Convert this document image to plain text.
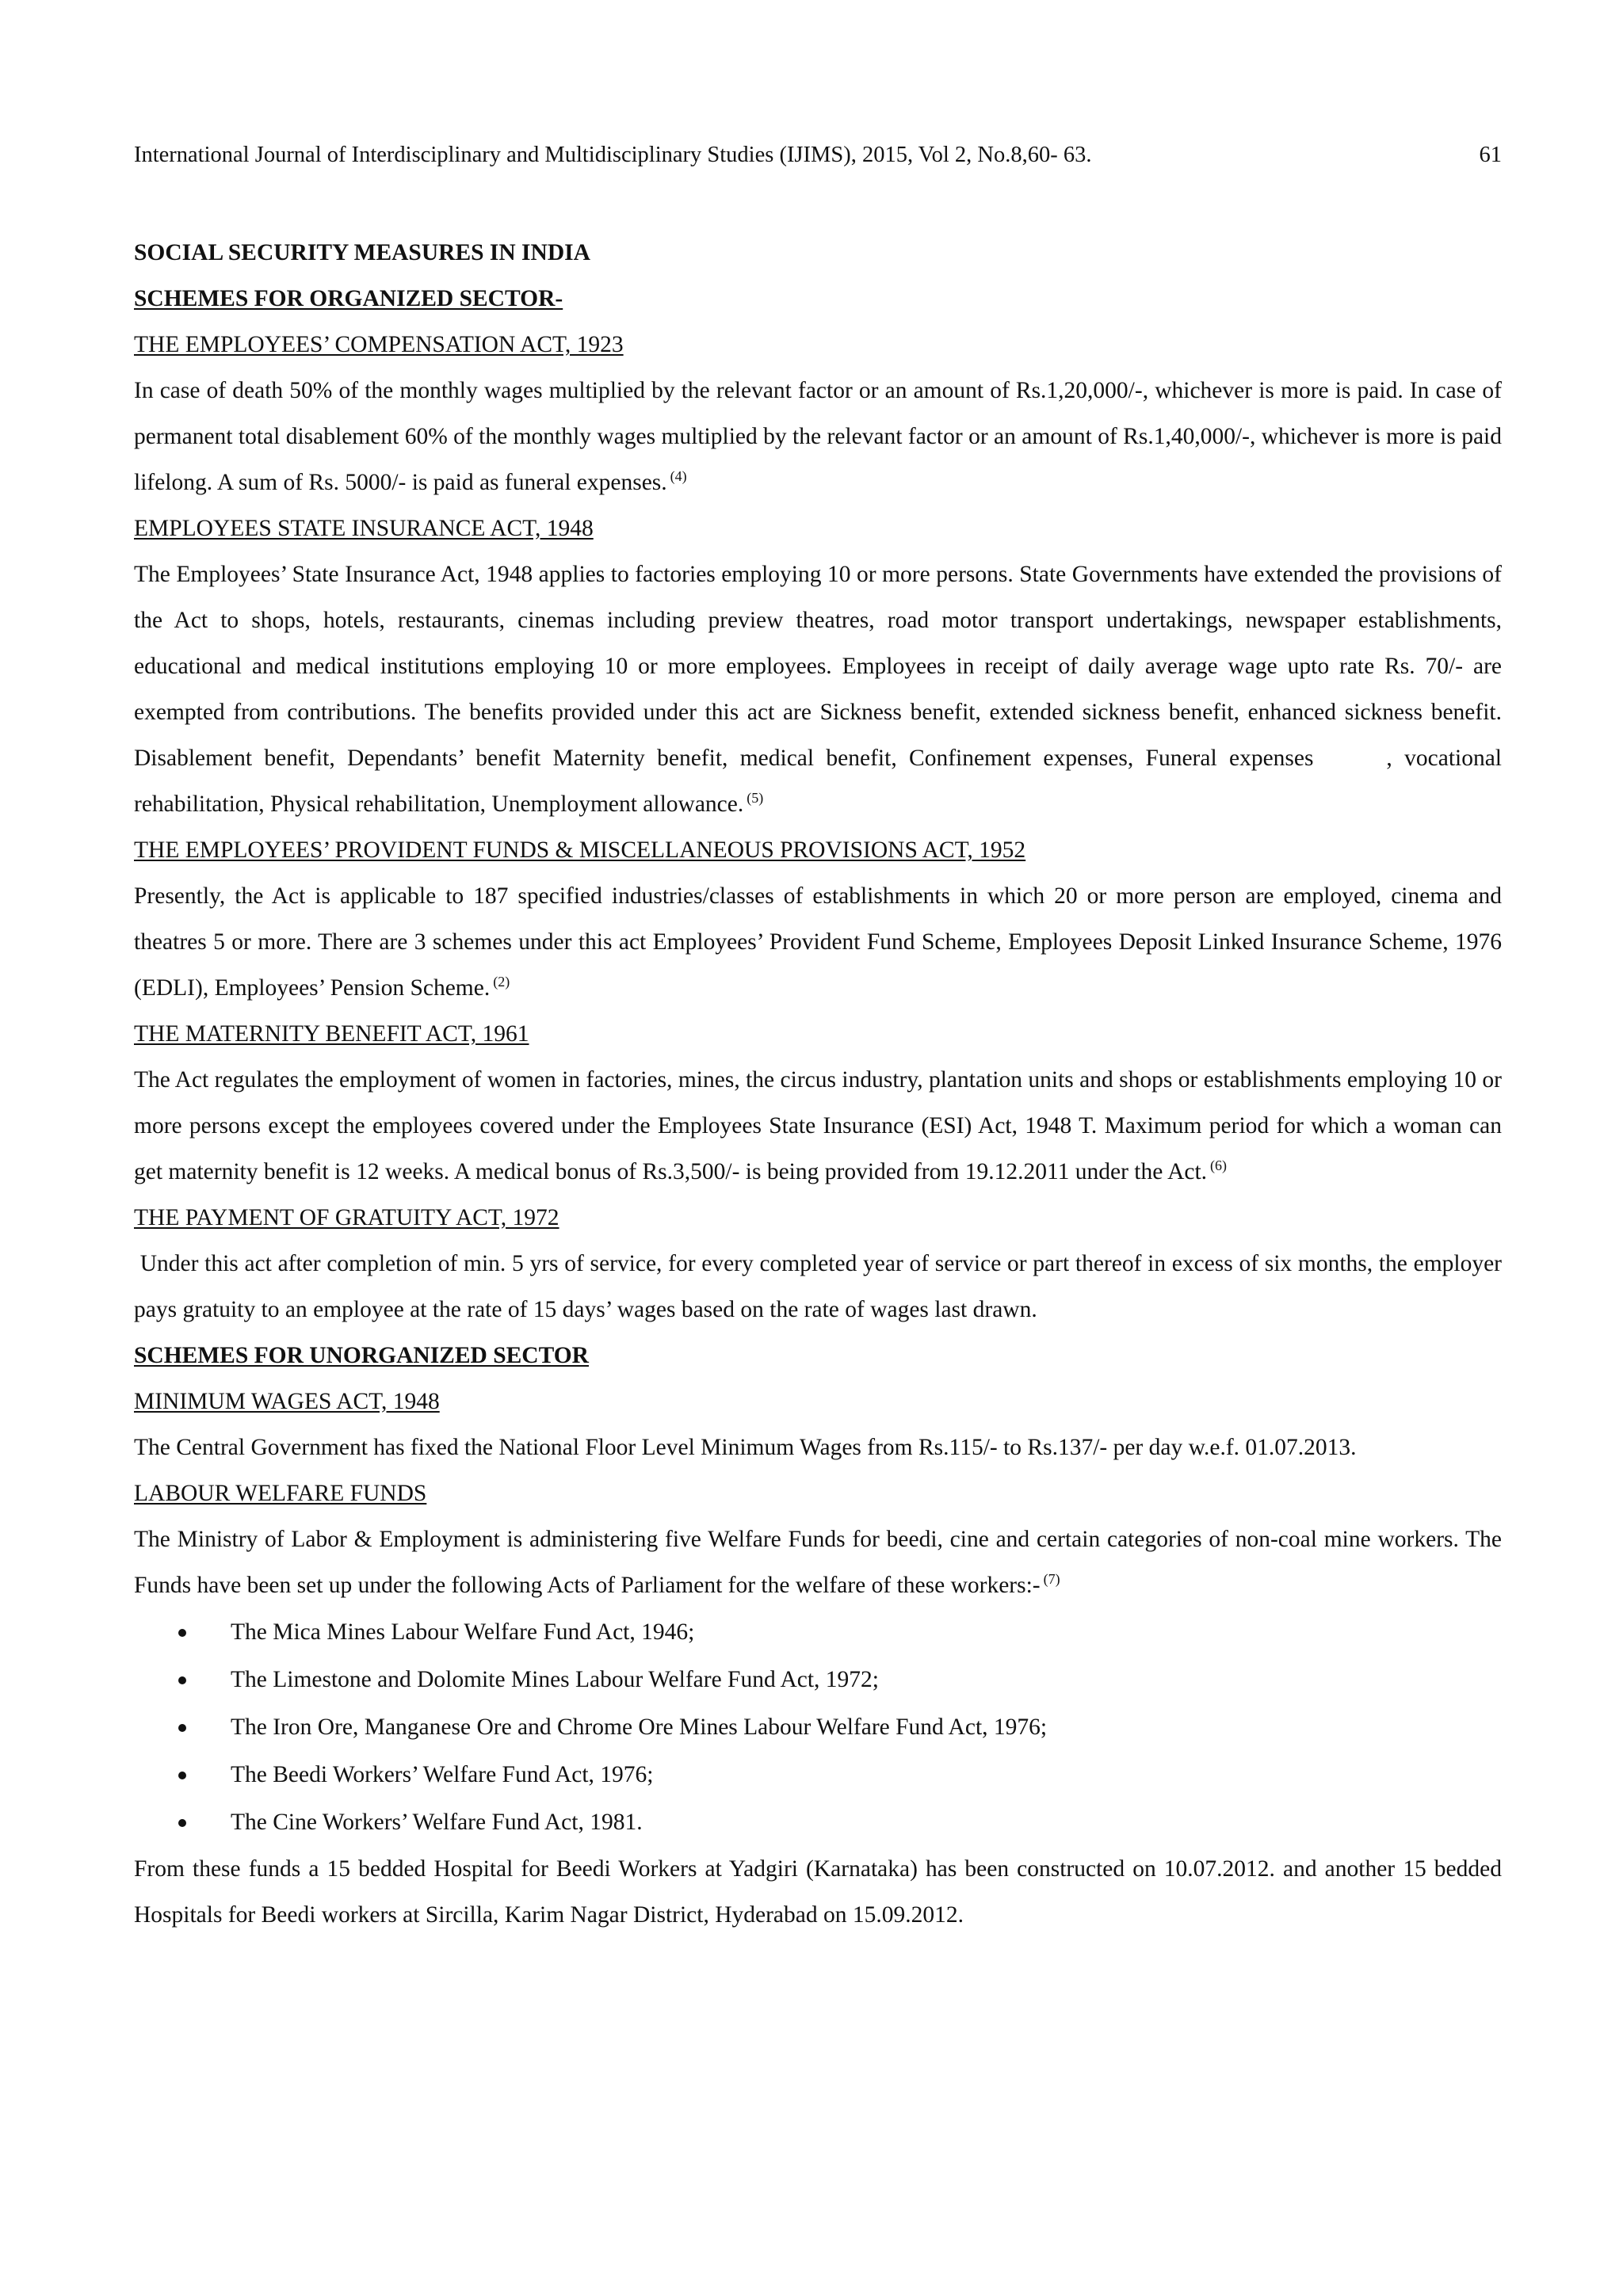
International Journal of Interdisciplinary and Multidisciplinary Studies (IJIMS), 2015, Vol 2, No.8,60- 63.	61
SOCIAL SECURITY MEASURES IN INDIA
SCHEMES FOR ORGANIZED SECTOR-
THE EMPLOYEES’ COMPENSATION ACT, 1923

In case of death 50% of the monthly wages multiplied by the relevant factor or an amount of Rs.1,20,000/-, whichever is more is paid. In case of permanent total disablement 60% of the monthly wages multiplied by the relevant factor or an amount of Rs.1,40,000/-, whichever is more is paid lifelong. A sum of Rs. 5000/- is paid as funeral expenses. $^{(4)}$

EMPLOYEES STATE INSURANCE ACT, 1948

The Employees’ State Insurance Act, 1948 applies to factories employing 10 or more persons. State Governments have extended the provisions of the Act to shops, hotels, restaurants, cinemas including preview theatres, road motor transport undertakings, newspaper establishments, educational and medical institutions employing 10 or more employees. Employees in receipt of daily average wage upto rate Rs. 70/- are exempted from contributions. The benefits provided under this act are Sickness benefit, extended sickness benefit, enhanced sickness benefit. Disablement benefit, Dependants’ benefit Maternity benefit, medical benefit, Confinement expenses, Funeral expenses      , vocational rehabilitation, Physical rehabilitation, Unemployment allowance. $^{(5)}$

THE EMPLOYEES’ PROVIDENT FUNDS & MISCELLANEOUS PROVISIONS ACT, 1952

Presently, the Act is applicable to 187 specified industries/classes of establishments in which 20 or more person are employed, cinema and theatres 5 or more. There are 3 schemes under this act Employees’ Provident Fund Scheme, Employees Deposit Linked Insurance Scheme, 1976 (EDLI), Employees’ Pension Scheme. $^{(2)}$

THE MATERNITY BENEFIT ACT, 1961

The Act regulates the employment of women in factories, mines, the circus industry, plantation units and shops or establishments employing 10 or more persons except the employees covered under the Employees State Insurance (ESI) Act, 1948 T. Maximum period for which a woman can get maternity benefit is 12 weeks. A medical bonus of Rs.3,500/- is being provided from 19.12.2011 under the Act. $^{(6)}$

THE PAYMENT OF GRATUITY ACT, 1972

Under this act after completion of min. 5 yrs of service, for every completed year of service or part thereof in excess of six months, the employer pays gratuity to an employee at the rate of 15 days’ wages based on the rate of wages last drawn.

SCHEMES FOR UNORGANIZED SECTOR
MINIMUM WAGES ACT, 1948

The Central Government has fixed the National Floor Level Minimum Wages from Rs.115/- to Rs.137/- per day w.e.f. 01.07.2013.

LABOUR WELFARE FUNDS

The Ministry of Labor & Employment is administering five Welfare Funds for beedi, cine and certain categories of non-coal mine workers. The Funds have been set up under the following Acts of Parliament for the welfare of these workers:- $^{(7)}$

The Mica Mines Labour Welfare Fund Act, 1946;
The Limestone and Dolomite Mines Labour Welfare Fund Act, 1972;
The Iron Ore, Manganese Ore and Chrome Ore Mines Labour Welfare Fund Act, 1976;
The Beedi Workers’ Welfare Fund Act, 1976;
The Cine Workers’ Welfare Fund Act, 1981.

From these funds a 15 bedded Hospital for Beedi Workers at Yadgiri (Karnataka) has been constructed on 10.07.2012. and another 15 bedded Hospitals for Beedi workers at Sircilla, Karim Nagar District, Hyderabad on 15.09.2012.
